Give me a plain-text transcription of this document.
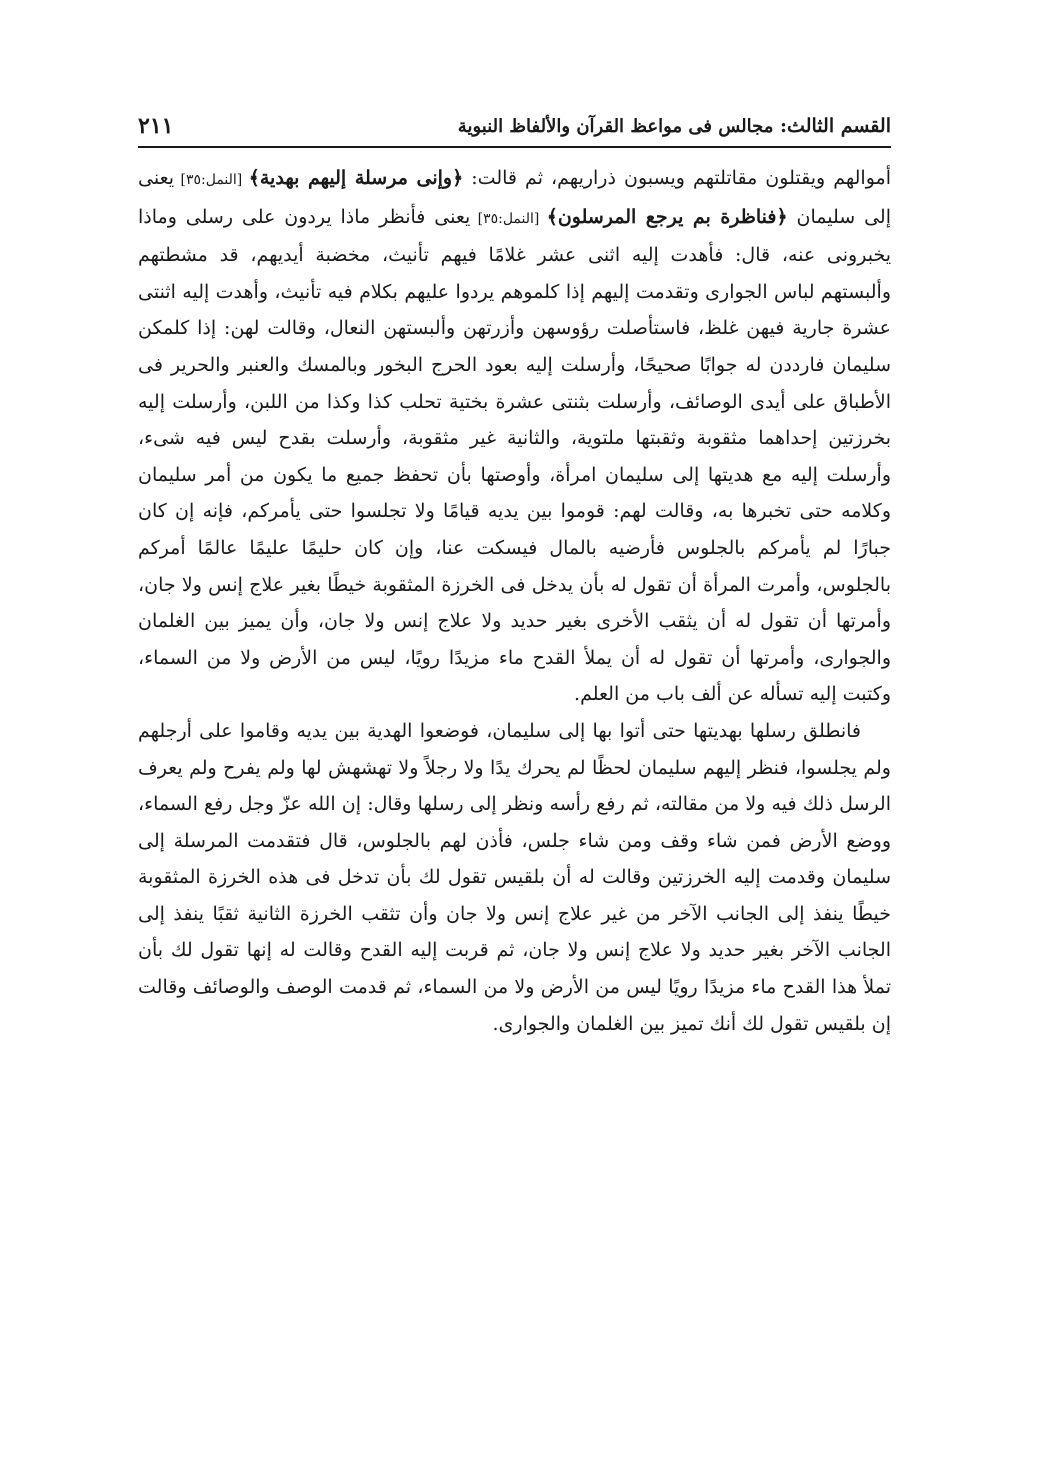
القسم الثالث: مجالس فى مواعظ القرآن والألفاظ النبوية
٢١١

أموالهم ويقتلون مقاتلتهم ويسبون ذراريهم، ثم قالت: ﴿وإنى مرسلة إليهم بهدية﴾ [النمل:٣٥] يعنى إلى سليمان ﴿فناظرة بم يرجع المرسلون﴾ [النمل:٣٥] يعنى فأنظر ماذا يردون على رسلى وماذا يخبرونى عنه، قال: فأهدت إليه اثنى عشر غلامًا فيهم تأنيث، مخضبة أيديهم، قد مشطتهم وألبستهم لباس الجوارى وتقدمت إليهم إذا كلموهم يردوا عليهم بكلام فيه تأنيث، وأهدت إليه اثنتى عشرة جارية فيهن غلظ، فاستأصلت رؤوسهن وأزرتهن وألبستهن النعال، وقالت لهن: إذا كلمكن سليمان فارددن له جوابًا صحيحًا، وأرسلت إليه بعود الحرج البخور وبالمسك والعنبر والحرير فى الأطباق على أيدى الوصائف، وأرسلت بثنتى عشرة بختية تحلب كذا وكذا من اللبن، وأرسلت إليه بخرزتين إحداهما مثقوبة وثقبتها ملتوية، والثانية غير مثقوبة، وأرسلت بقدح ليس فيه شىء، وأرسلت إليه مع هديتها إلى سليمان امرأة، وأوصتها بأن تحفظ جميع ما يكون من أمر سليمان وكلامه حتى تخبرها به، وقالت لهم: قوموا بين يديه قيامًا ولا تجلسوا حتى يأمركم، فإنه إن كان جبارًا لم يأمركم بالجلوس فأرضيه بالمال فيسكت عنا، وإن كان حليمًا عليمًا عالمًا أمركم بالجلوس، وأمرت المرأة أن تقول له بأن يدخل فى الخرزة المثقوبة خيطًا بغير علاج إنس ولا جان، وأمرتها أن تقول له أن يثقب الأخرى بغير حديد ولا علاج إنس ولا جان، وأن يميز بين الغلمان والجوارى، وأمرتها أن تقول له أن يملأ القدح ماء مزيدًا رويًا، ليس من الأرض ولا من السماء، وكتبت إليه تسأله عن ألف باب من العلم.

فانطلق رسلها بهديتها حتى أتوا بها إلى سليمان، فوضعوا الهدية بين يديه وقاموا على أرجلهم ولم يجلسوا، فنظر إليهم سليمان لحظًا لم يحرك يدًا ولا رجلاً ولا تهشهش لها ولم يفرح ولم يعرف الرسل ذلك فيه ولا من مقالته، ثم رفع رأسه ونظر إلى رسلها وقال: إن الله عزّ وجل رفع السماء، ووضع الأرض فمن شاء وقف ومن شاء جلس، فأذن لهم بالجلوس، قال فتقدمت المرسلة إلى سليمان وقدمت إليه الخرزتين وقالت له أن بلقيس تقول لك بأن تدخل فى هذه الخرزة المثقوبة خيطًا ينفذ إلى الجانب الآخر من غير علاج إنس ولا جان وأن تثقب الخرزة الثانية ثقبًا ينفذ إلى الجانب الآخر بغير حديد ولا علاج إنس ولا جان، ثم قربت إليه القدح وقالت له إنها تقول لك بأن تملأ هذا القدح ماء مزيدًا رويًا ليس من الأرض ولا من السماء، ثم قدمت الوصف والوصائف وقالت إن بلقيس تقول لك أنك تميز بين الغلمان والجوارى.
